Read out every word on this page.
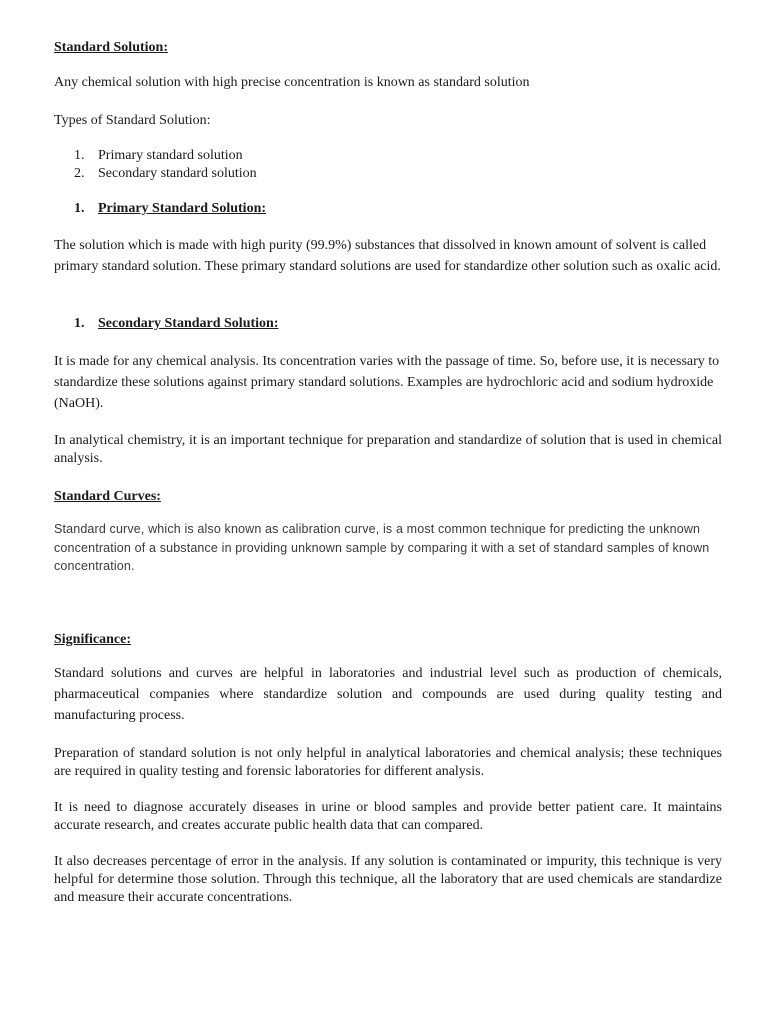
Standard Solution:

Any chemical solution with high precise concentration is known as standard solution

Types of Standard Solution:

1. Primary standard solution
2. Secondary standard solution
1. Primary Standard Solution:

The solution which is made with high purity (99.9%) substances that dissolved in known amount of solvent is called primary standard solution. These primary standard solutions are used for standardize other solution such as oxalic acid.

1. Secondary Standard Solution:

It is made for any chemical analysis. Its concentration varies with the passage of time. So, before use, it is necessary to standardize these solutions against primary standard solutions. Examples are hydrochloric acid and sodium hydroxide (NaOH).

In analytical chemistry, it is an important technique for preparation and standardize of solution that is used in chemical analysis.

Standard Curves:

Standard curve, which is also known as calibration curve, is a most common technique for predicting the unknown concentration of a substance in providing unknown sample by comparing it with a set of standard samples of known concentration.

Significance:

Standard solutions and curves are helpful in laboratories and industrial level such as production of chemicals, pharmaceutical companies where standardize solution and compounds are used during quality testing and manufacturing process.

Preparation of standard solution is not only helpful in analytical laboratories and chemical analysis; these techniques are required in quality testing and forensic laboratories for different analysis.

It is need to diagnose accurately diseases in urine or blood samples and provide better patient care. It maintains accurate research, and creates accurate public health data that can compared.

It also decreases percentage of error in the analysis. If any solution is contaminated or impurity, this technique is very helpful for determine those solution. Through this technique, all the laboratory that are used chemicals are standardize and measure their accurate concentrations.
